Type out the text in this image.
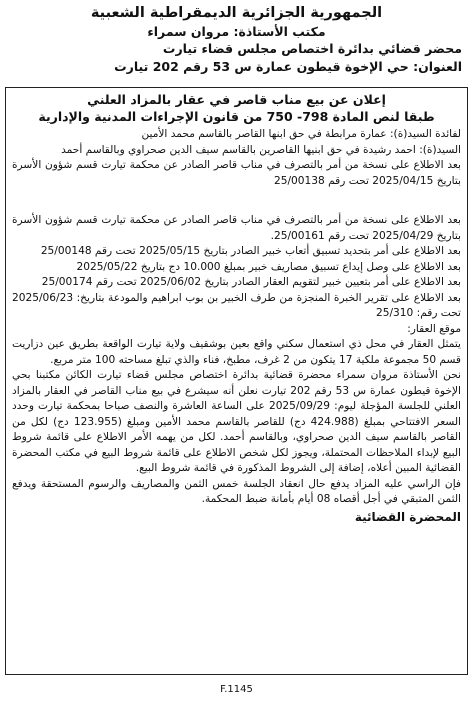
الجمهورية الجزائرية الديمقراطية الشعبية
مكتب الأستاذة: مروان سمراء
محضر قضائي بدائرة اختصاص مجلس قضاء تيارت
العنوان: حي الإخوة قيطون عمارة س 53 رقم 202 تيارت
إعلان عن بيع مناب قاصر في عقار بالمزاد العلني
طبقا لنص المادة 798- 750 من قانون الإجراءات المدنية والإدارية

لفائدة السيد(ة): عمارة مرابطة في حق ابنها القاصر بالقاسم محمد الأمين

السيد(ة): احمد رشيدة في حق ابنيها القاصرين بالقاسم سيف الدين صحراوي وبالقاسم أحمد

بعد الاطلاع على نسخة من أمر بالتصرف في مناب قاصر الصادر عن محكمة تيارت قسم شؤون الأسرة بتاريخ 2025/04/15 تحت رقم 25/00138

بعد الاطلاع على نسخة من أمر بالتصرف في مناب قاصر الصادر عن محكمة تيارت قسم شؤون الأسرة بتاريخ 2025/04/29 تحت رقم 25/00161.

بعد الاطلاع على أمر بتحديد تسبيق أتعاب خبير الصادر بتاريخ 2025/05/15 تحت رقم 25/00148

بعد الاطلاع على وصل إيداع تسبيق مصاريف خبير بمبلغ 10.000 دج بتاريخ 2025/05/22

بعد الاطلاع على أمر بتعيين خبير لتقويم العقار الصادر بتاريخ 2025/06/02 تحت رقم 25/00174

بعد الاطلاع على تقرير الخبرة المنجزة من طرف الخبير بن بوب ابراهيم والمودعة بتاريخ: 2025/06/23 تحت رقم: 25/310

موقع العقار:

يتمثل العقار في محل ذي استعمال سكني واقع بعين بوشقيف ولاية تيارت الواقعة بطريق عين دزاريت قسم 50 مجموعة ملكية 17 يتكون من 2 غرف، مطبخ، فناء والذي تبلغ مساحته 100 متر مربع.

نحن الأستاذة مروان سمراء محضرة قضائية بدائرة اختصاص مجلس قضاء تيارت الكائن مكتبنا بحي الإخوة قيطون عمارة س 53 رقم 202 تيارت نعلن أنه سيشرع في بيع مناب القاصر في العقار بالمزاد العلني للجلسة المؤجلة ليوم: 2025/09/29 على الساعة العاشرة والنصف صباحا بمحكمة تيارت وحدد السعر الافتتاحي بمبلغ (424.988 دج) للقاصر بالقاسم محمد الأمين ومبلغ (123.955 دج) لكل من القاصر بالقاسم سيف الدين صحراوي، وبالقاسم أحمد. لكل من يهمه الأمر الاطلاع على قائمة شروط البيع لإبداء الملاحظات المحتملة، ويجوز لكل شخص الاطلاع على قائمة شروط البيع في مكتب المحضرة القضائية المبين أعلاه، إضافة إلى الشروط المذكورة في قائمة شروط البيع.

فإن الراسي عليه المزاد يدفع حال انعقاد الجلسة خمس الثمن والمصاريف والرسوم المستحقة ويدفع الثمن المتبقي في أجل أقصاه 08 أيام بأمانة ضبط المحكمة.

المحضرة القضائية
F.1145
